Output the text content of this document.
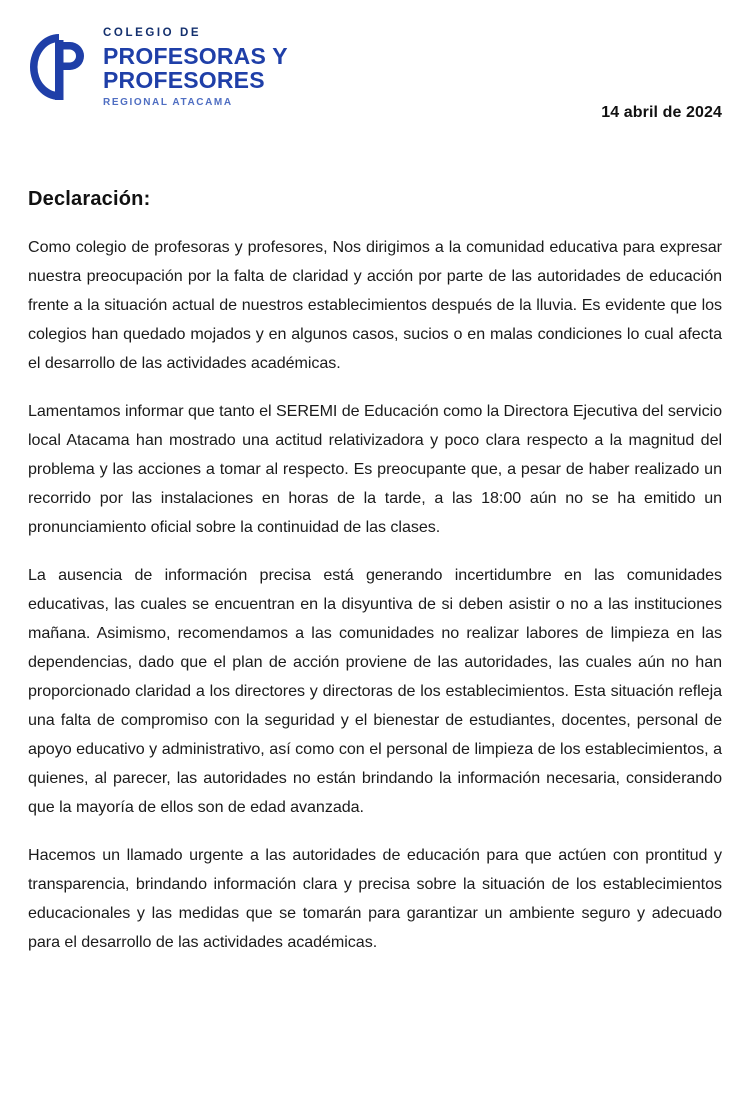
COLEGIO DE
PROFESORAS Y
PROFESORES
REGIONAL ATACAMA
14 abril de 2024
Declaración:

Como colegio de profesoras y profesores, Nos dirigimos a la comunidad educativa para expresar nuestra preocupación por la falta de claridad y acción por parte de las autoridades de educación frente a la situación actual de nuestros establecimientos después de la lluvia. Es evidente que los colegios han quedado mojados y en algunos casos, sucios o en malas condiciones lo cual afecta el desarrollo de las actividades académicas.

Lamentamos informar que tanto el SEREMI de Educación como la Directora Ejecutiva del servicio local Atacama han mostrado una actitud relativizadora y poco clara respecto a la magnitud del problema y las acciones a tomar al respecto. Es preocupante que, a pesar de haber realizado un recorrido por las instalaciones en horas de la tarde, a las 18:00 aún no se ha emitido un pronunciamiento oficial sobre la continuidad de las clases.

La ausencia de información precisa está generando incertidumbre en las comunidades educativas, las cuales se encuentran en la disyuntiva de si deben asistir o no a las instituciones mañana. Asimismo, recomendamos a las comunidades no realizar labores de limpieza en las dependencias, dado que el plan de acción proviene de las autoridades, las cuales aún no han proporcionado claridad a los directores y directoras de los establecimientos. Esta situación refleja una falta de compromiso con la seguridad y el bienestar de estudiantes, docentes, personal de apoyo educativo y administrativo, así como con el personal de limpieza de los establecimientos, a quienes, al parecer, las autoridades no están brindando la información necesaria, considerando que la mayoría de ellos son de edad avanzada.

Hacemos un llamado urgente a las autoridades de educación para que actúen con prontitud y transparencia, brindando información clara y precisa sobre la situación de los establecimientos educacionales y las medidas que se tomarán para garantizar un ambiente seguro y adecuado para el desarrollo de las actividades académicas.
